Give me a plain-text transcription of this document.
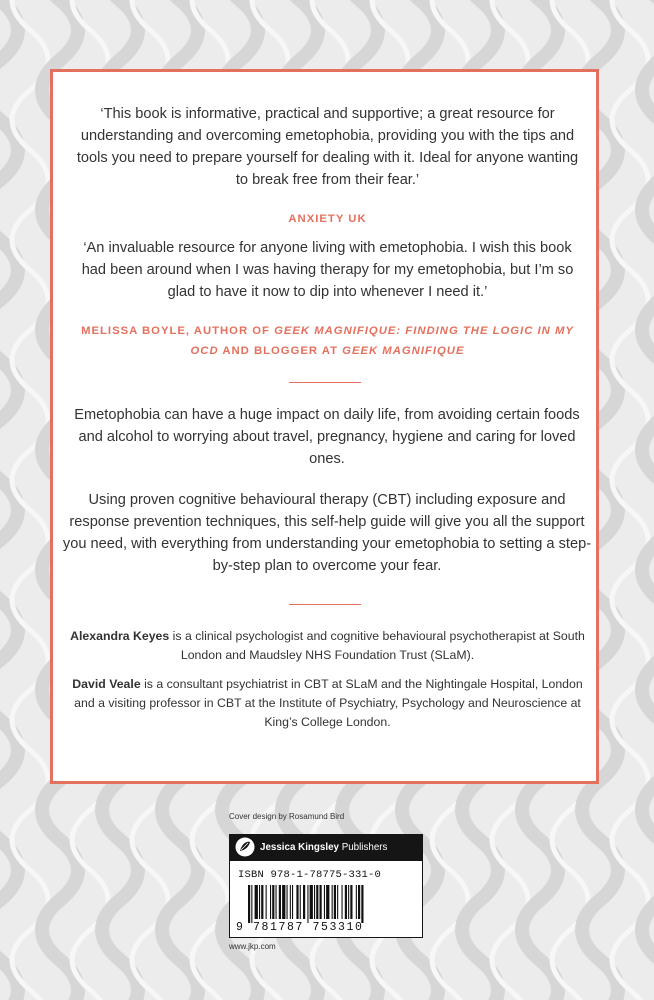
‘This book is informative, practical and supportive; a great resource for understanding and overcoming emetophobia, providing you with the tips and tools you need to prepare yourself for dealing with it. Ideal for anyone wanting to break free from their fear.’

ANXIETY UK

‘An invaluable resource for anyone living with emetophobia. I wish this book had been around when I was having therapy for my emetophobia, but I’m so glad to have it now to dip into whenever I need it.’

MELISSA BOYLE, AUTHOR OF GEEK MAGNIFIQUE: FINDING THE LOGIC IN MY OCD AND BLOGGER AT GEEK MAGNIFIQUE

Emetophobia can have a huge impact on daily life, from avoiding certain foods and alcohol to worrying about travel, pregnancy, hygiene and caring for loved ones.

Using proven cognitive behavioural therapy (CBT) including exposure and response prevention techniques, this self-help guide will give you all the support you need, with everything from understanding your emetophobia to setting a step-by-step plan to overcome your fear.

Alexandra Keyes is a clinical psychologist and cognitive behavioural psychotherapist at South London and Maudsley NHS Foundation Trust (SLaM).

David Veale is a consultant psychiatrist in CBT at SLaM and the Nightingale Hospital, London and a visiting professor in CBT at the Institute of Psychiatry, Psychology and Neuroscience at King’s College London.

Cover design by Rosamund Bird
Jessica Kingsley Publishers
ISBN 978-1-78775-331-0
9 781787 753310
www.jkp.com
